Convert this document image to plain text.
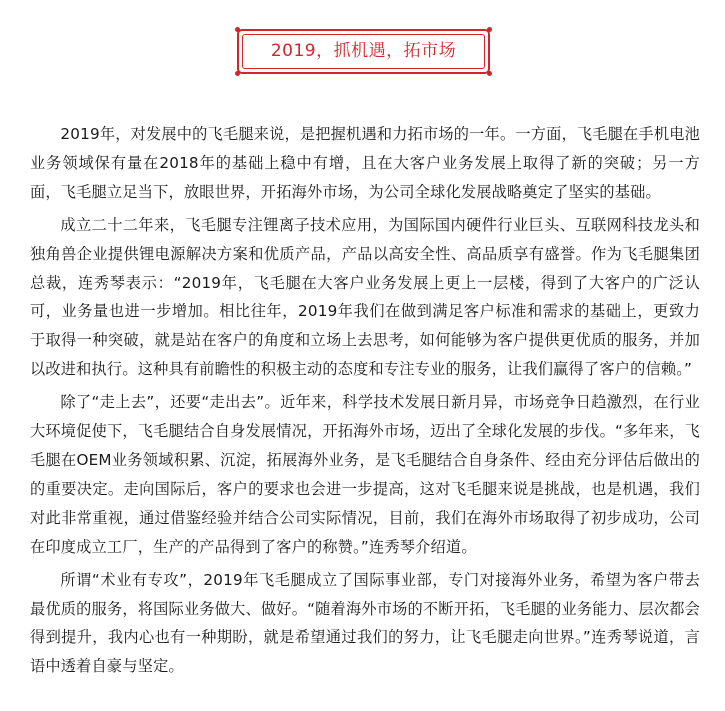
2019，抓机遇，拓市场

2019年，对发展中的飞毛腿来说，是把握机遇和力拓市场的一年。一方面，飞毛腿在手机电池业务领域保有量在2018年的基础上稳中有增，且在大客户业务发展上取得了新的突破；另一方面，飞毛腿立足当下，放眼世界，开拓海外市场，为公司全球化发展战略奠定了坚实的基础。

成立二十二年来，飞毛腿专注锂离子技术应用，为国际国内硬件行业巨头、互联网科技龙头和独角兽企业提供锂电源解决方案和优质产品，产品以高安全性、高品质享有盛誉。作为飞毛腿集团总裁，连秀琴表示：“2019年，飞毛腿在大客户业务发展上更上一层楼，得到了大客户的广泛认可，业务量也进一步增加。相比往年，2019年我们在做到满足客户标准和需求的基础上，更致力于取得一种突破，就是站在客户的角度和立场上去思考，如何能够为客户提供更优质的服务，并加以改进和执行。这种具有前瞻性的积极主动的态度和专注专业的服务，让我们赢得了客户的信赖。”

除了“走上去”，还要“走出去”。近年来，科学技术发展日新月异，市场竞争日趋激烈，在行业大环境促使下，飞毛腿结合自身发展情况，开拓海外市场，迈出了全球化发展的步伐。“多年来，飞毛腿在OEM业务领域积累、沉淀，拓展海外业务，是飞毛腿结合自身条件、经由充分评估后做出的的重要决定。走向国际后，客户的要求也会进一步提高，这对飞毛腿来说是挑战，也是机遇，我们对此非常重视，通过借鉴经验并结合公司实际情况，目前，我们在海外市场取得了初步成功，公司在印度成立工厂，生产的产品得到了客户的称赞。”连秀琴介绍道。

所谓“术业有专攻”，2019年飞毛腿成立了国际事业部，专门对接海外业务，希望为客户带去最优质的服务，将国际业务做大、做好。“随着海外市场的不断开拓，飞毛腿的业务能力、层次都会得到提升，我内心也有一种期盼，就是希望通过我们的努力，让飞毛腿走向世界。”连秀琴说道，言语中透着自豪与坚定。
